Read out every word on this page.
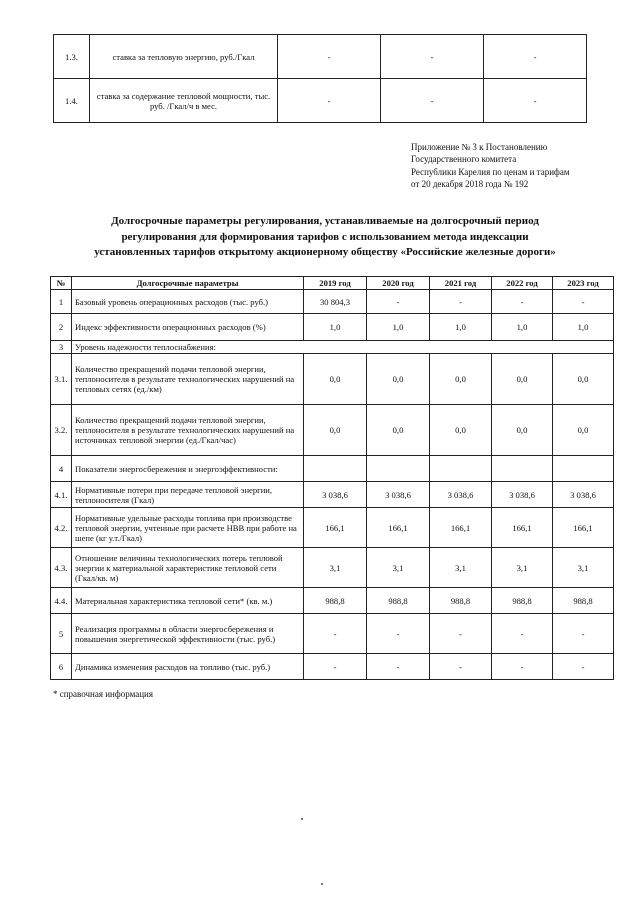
1.3.	ставка за тепловую энергию, руб./Гкал	-	-	-
1.4.	ставка за содержание тепловой мощности, тыс. руб. /Гкал/ч в мес.	-	-	-
Приложение № 3 к Постановлению
Государственного комитета
Республики Карелия по ценам и тарифам
от 20 декабря 2018 года № 192
Долгосрочные параметры регулирования, устанавливаемые на долгосрочный период
регулирования для формирования тарифов с использованием метода индексации
установленных тарифов открытому акционерному обществу «Российские железные дороги»
№	Долгосрочные параметры	2019 год	2020 год	2021 год	2022 год	2023 год
1	Базовый уровень операционных расходов (тыс. руб.)	30 804,3	-	-	-	-
2	Индекс эффективности операционных расходов (%)	1,0	1,0	1,0	1,0	1,0
3	Уровень надежности теплоснабжения:					
3.1.	Количество прекращений подачи тепловой энергии, теплоносителя в результате технологических нарушений на тепловых сетях (ед./км)	0,0	0,0	0,0	0,0	0,0
3.2.	Количество прекращений подачи тепловой энергии, теплоносителя в результате технологических нарушений на источниках тепловой энергии (ед./Гкал/час)	0,0	0,0	0,0	0,0	0,0
4	Показатели энергосбережения и энергоэффективности:					
4.1.	Нормативные потери при передаче тепловой энергии, теплоносителя (Гкал)	3 038,6	3 038,6	3 038,6	3 038,6	3 038,6
4.2.	Нормативные удельные расходы топлива при производстве тепловой энергии, учтенные при расчете НВВ при работе на шепе (кг у.т./Гкал)	166,1	166,1	166,1	166,1	166,1
4.3.	Отношение величины технологических потерь тепловой энергии к материальной характеристике тепловой сети (Гкал/кв. м)	3,1	3,1	3,1	3,1	3,1
4.4.	Материальная характеристика тепловой сети* (кв. м.)	988,8	988,8	988,8	988,8	988,8
5	Реализация программы в области энергосбережения и повышения энергетической эффективности (тыс. руб.)	-	-	-	-	-
6	Динамика изменения расходов на топливо (тыс. руб.)	-	-	-	-	-
* справочная информация
